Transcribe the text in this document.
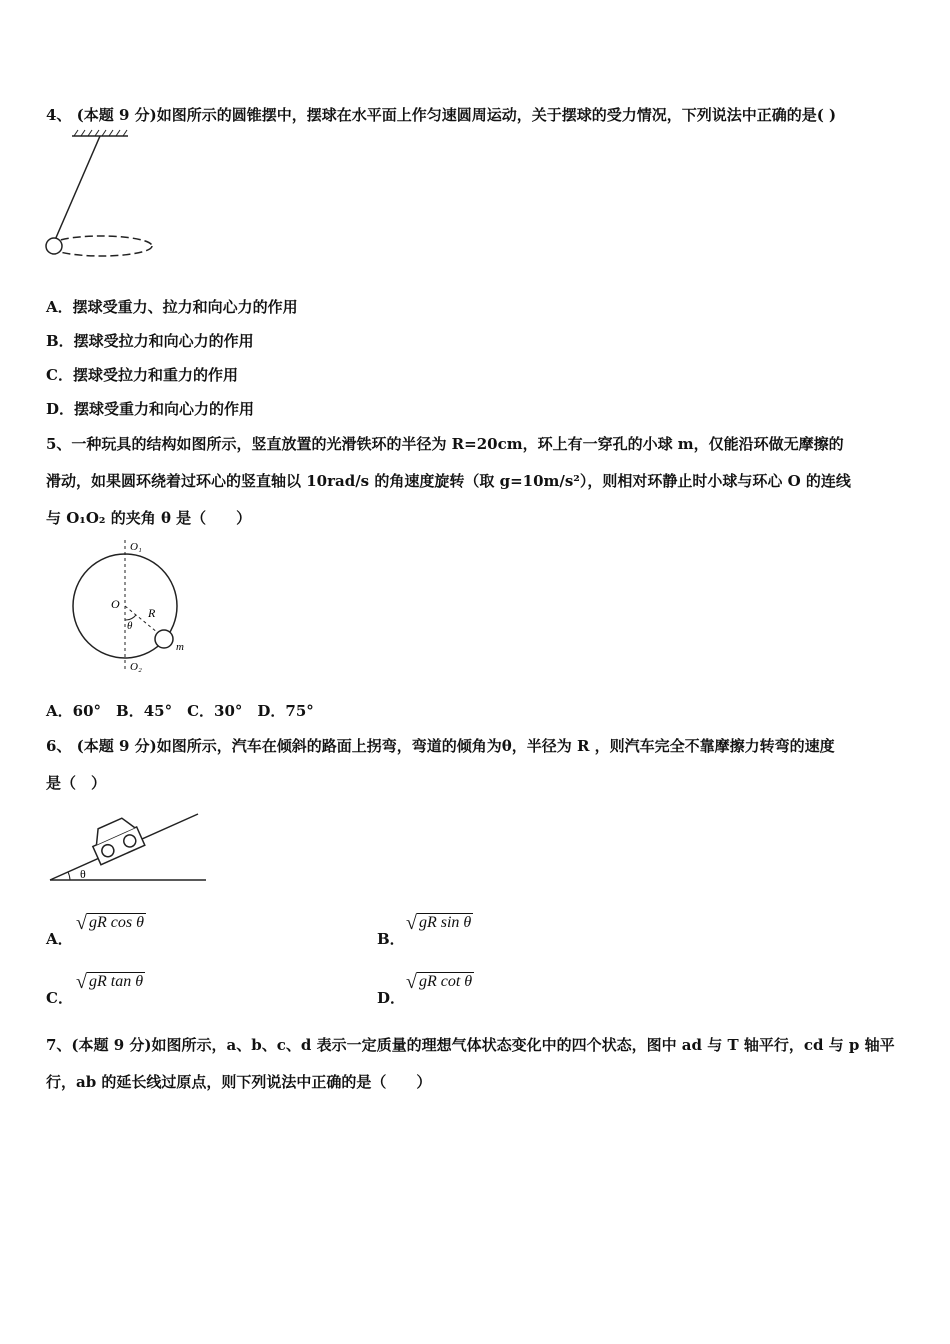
4、 (本题 9 分)如图所示的圆锥摆中，摆球在水平面上作匀速圆周运动，关于摆球的受力情况，下列说法中正确的是( )
A．摆球受重力、拉力和向心力的作用
B．摆球受拉力和向心力的作用
C．摆球受拉力和重力的作用
D．摆球受重力和向心力的作用
5、一种玩具的结构如图所示，竖直放置的光滑铁环的半径为 R=20cm，环上有一穿孔的小球 m，仅能沿环做无摩擦的
滑动，如果圆环绕着过环心的竖直轴以 10rad/s 的角速度旋转（取 g=10m/s²），则相对环静止时小球与环心 O 的连线
与 O₁O₂ 的夹角 θ 是（　　）
O₁
O
R
θ
m
O₂
A．60°　B．45°　C．30°　D．75°
6、 (本题 9 分)如图所示，汽车在倾斜的路面上拐弯，弯道的倾角为θ，半径为 R ，则汽车完全不靠摩擦力转弯的速度
是（　）
θ
A．
√ gR cos θ
B．
√ gR sin θ
C．
√ gR tan θ
D．
√ gR cot θ
7、(本题 9 分)如图所示，a、b、c、d 表示一定质量的理想气体状态变化中的四个状态，图中 ad 与 T 轴平行，cd 与 p 轴平
行，ab 的延长线过原点，则下列说法中正确的是（　　）
